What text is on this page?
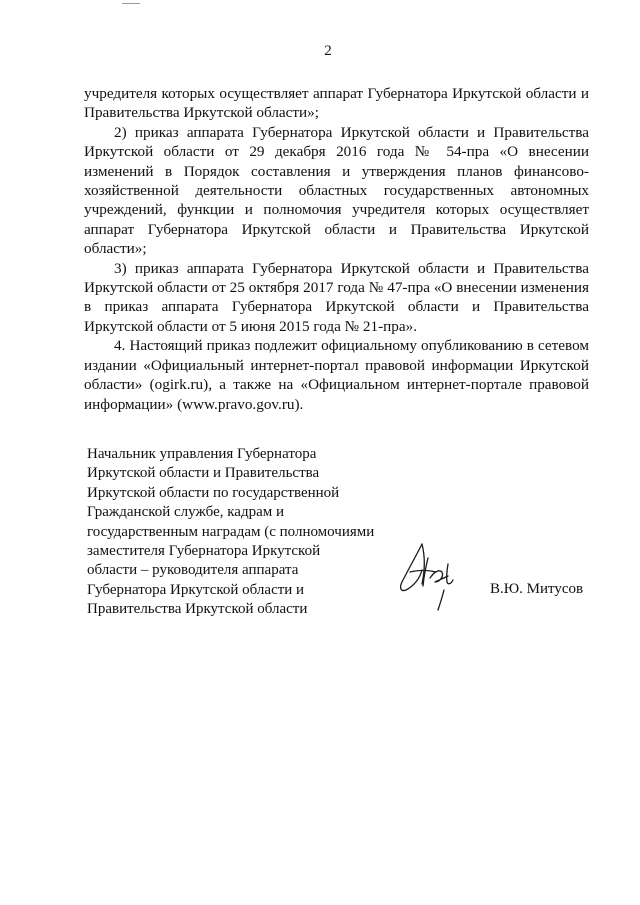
2

учредителя которых осуществляет аппарат Губернатора Иркутской области и Правительства Иркутской области»;

2) приказ аппарата Губернатора Иркутской области и Правительства Иркутской области от 29 декабря 2016 года № 54-пра «О внесении изменений в Порядок составления и утверждения планов финансово-хозяйственной деятельности областных государственных автономных учреждений, функции и полномочия учредителя которых осуществляет аппарат Губернатора Иркутской области и Правительства Иркутской области»;

3) приказ аппарата Губернатора Иркутской области и Правительства Иркутской области от 25 октября 2017 года № 47-пра «О внесении изменения в приказ аппарата Губернатора Иркутской области и Правительства Иркутской области от 5 июня 2015 года № 21-пра».

4. Настоящий приказ подлежит официальному опубликованию в сетевом издании «Официальный интернет-портал правовой информации Иркутской области» (ogirk.ru), а также на «Официальном интернет-портале правовой информации» (www.pravo.gov.ru).

Начальник управления Губернатора
Иркутской области и Правительства
Иркутской области по государственной
Гражданской службе, кадрам и
государственным наградам (с полномочиями
заместителя Губернатора Иркутской
области – руководителя аппарата
Губернатора Иркутской области и
Правительства Иркутской области
В.Ю. Митусов
